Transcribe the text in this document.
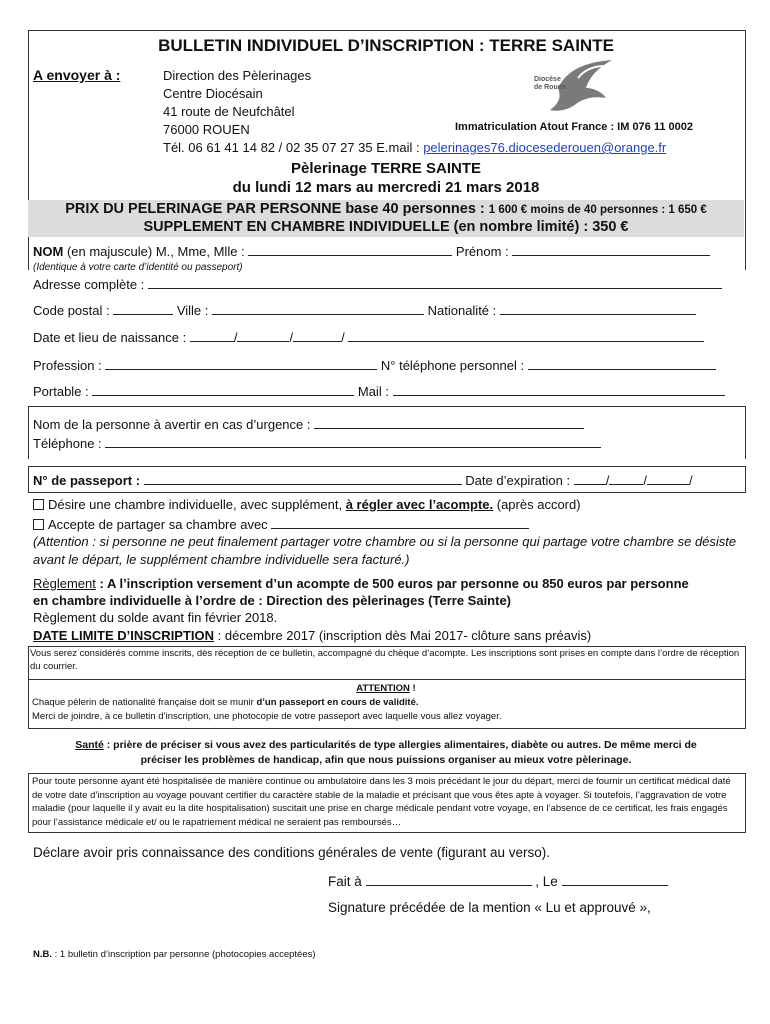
BULLETIN INDIVIDUEL D’INSCRIPTION : TERRE SAINTE
A envoyer à :	Direction des Pèlerinages
Centre Diocésain
41 route de Neufchâtel
76000 ROUEN
Tél. 06 61 41 14 82 / 02 35 07 27 35 E.mail : pelerinages76.diocesederouen@orange.fr
Diocèse
de Rouen
Immatriculation Atout France : IM 076 11 0002
Pèlerinage TERRE SAINTE
du lundi 12 mars au mercredi 21 mars 2018
PRIX DU PELERINAGE PAR PERSONNE base 40 personnes : 1 600 € moins de 40 personnes : 1 650 €
SUPPLEMENT EN CHAMBRE INDIVIDUELLE (en nombre limité) : 350 €
NOM (en majuscule) M., Mme, Mlle :	Prénom :
(Identique à votre carte d’identité ou passeport)
Adresse complète :
Code postal :	Ville :	Nationalité :
Date et lieu de naissance :	/	/	/
Profession :	N° téléphone personnel :
Portable :	Mail :
Nom de la personne à avertir en cas d’urgence :
Téléphone :
N° de passeport :	Date d’expiration : /	/	/
Désire une chambre individuelle, avec supplément, à régler avec l’acompte. (après accord)
Accepte de partager sa chambre avec
(Attention : si personne ne peut finalement partager votre chambre ou si la personne qui partage votre chambre se désiste avant le départ, le supplément chambre individuelle sera facturé.)
Règlement : A l’inscription versement d’un acompte de 500 euros par personne ou 850 euros par personne
en chambre individuelle à l’ordre de : Direction des pèlerinages (Terre Sainte)
Règlement du solde avant fin février 2018.
DATE LIMITE D’INSCRIPTION : décembre 2017 (inscription dès Mai 2017- clôture sans préavis)
Vous serez considérés comme inscrits, dès réception de ce bulletin, accompagné du chèque d’acompte. Les inscriptions sont prises en compte dans l’ordre de réception du courrier.
ATTENTION !
Chaque pèlerin de nationalité française doit se munir d’un passeport en cours de validité.
Merci de joindre, à ce bulletin d’inscription, une photocopie de votre passeport avec laquelle vous allez voyager.
Santé : prière de préciser si vous avez des particularités de type allergies alimentaires, diabète ou autres. De même merci de
préciser les problèmes de handicap, afin que nous puissions organiser au mieux votre pèlerinage.
Pour toute personne ayant été hospitalisée de manière continue ou ambulatoire dans les 3 mois précédant le jour du départ, merci de fournir un certificat médical daté de votre date d’inscription au voyage pouvant certifier du caractère stable de la maladie et précisant que vous êtes apte à voyager. Si toutefois, l’aggravation de votre maladie (pour laquelle il y avait eu la dite hospitalisation) suscitait une prise en charge médicale pendant votre voyage, en l’absence de ce certificat, les frais engagés pour l’assistance médicale et/ ou le rapatriement médical ne seraient pas remboursés…
Déclare avoir pris connaissance des conditions générales de vente (figurant au verso).
Fait à	, Le
Signature précédée de la mention « Lu et approuvé »,
N.B. : 1 bulletin d’inscription par personne (photocopies acceptées)
